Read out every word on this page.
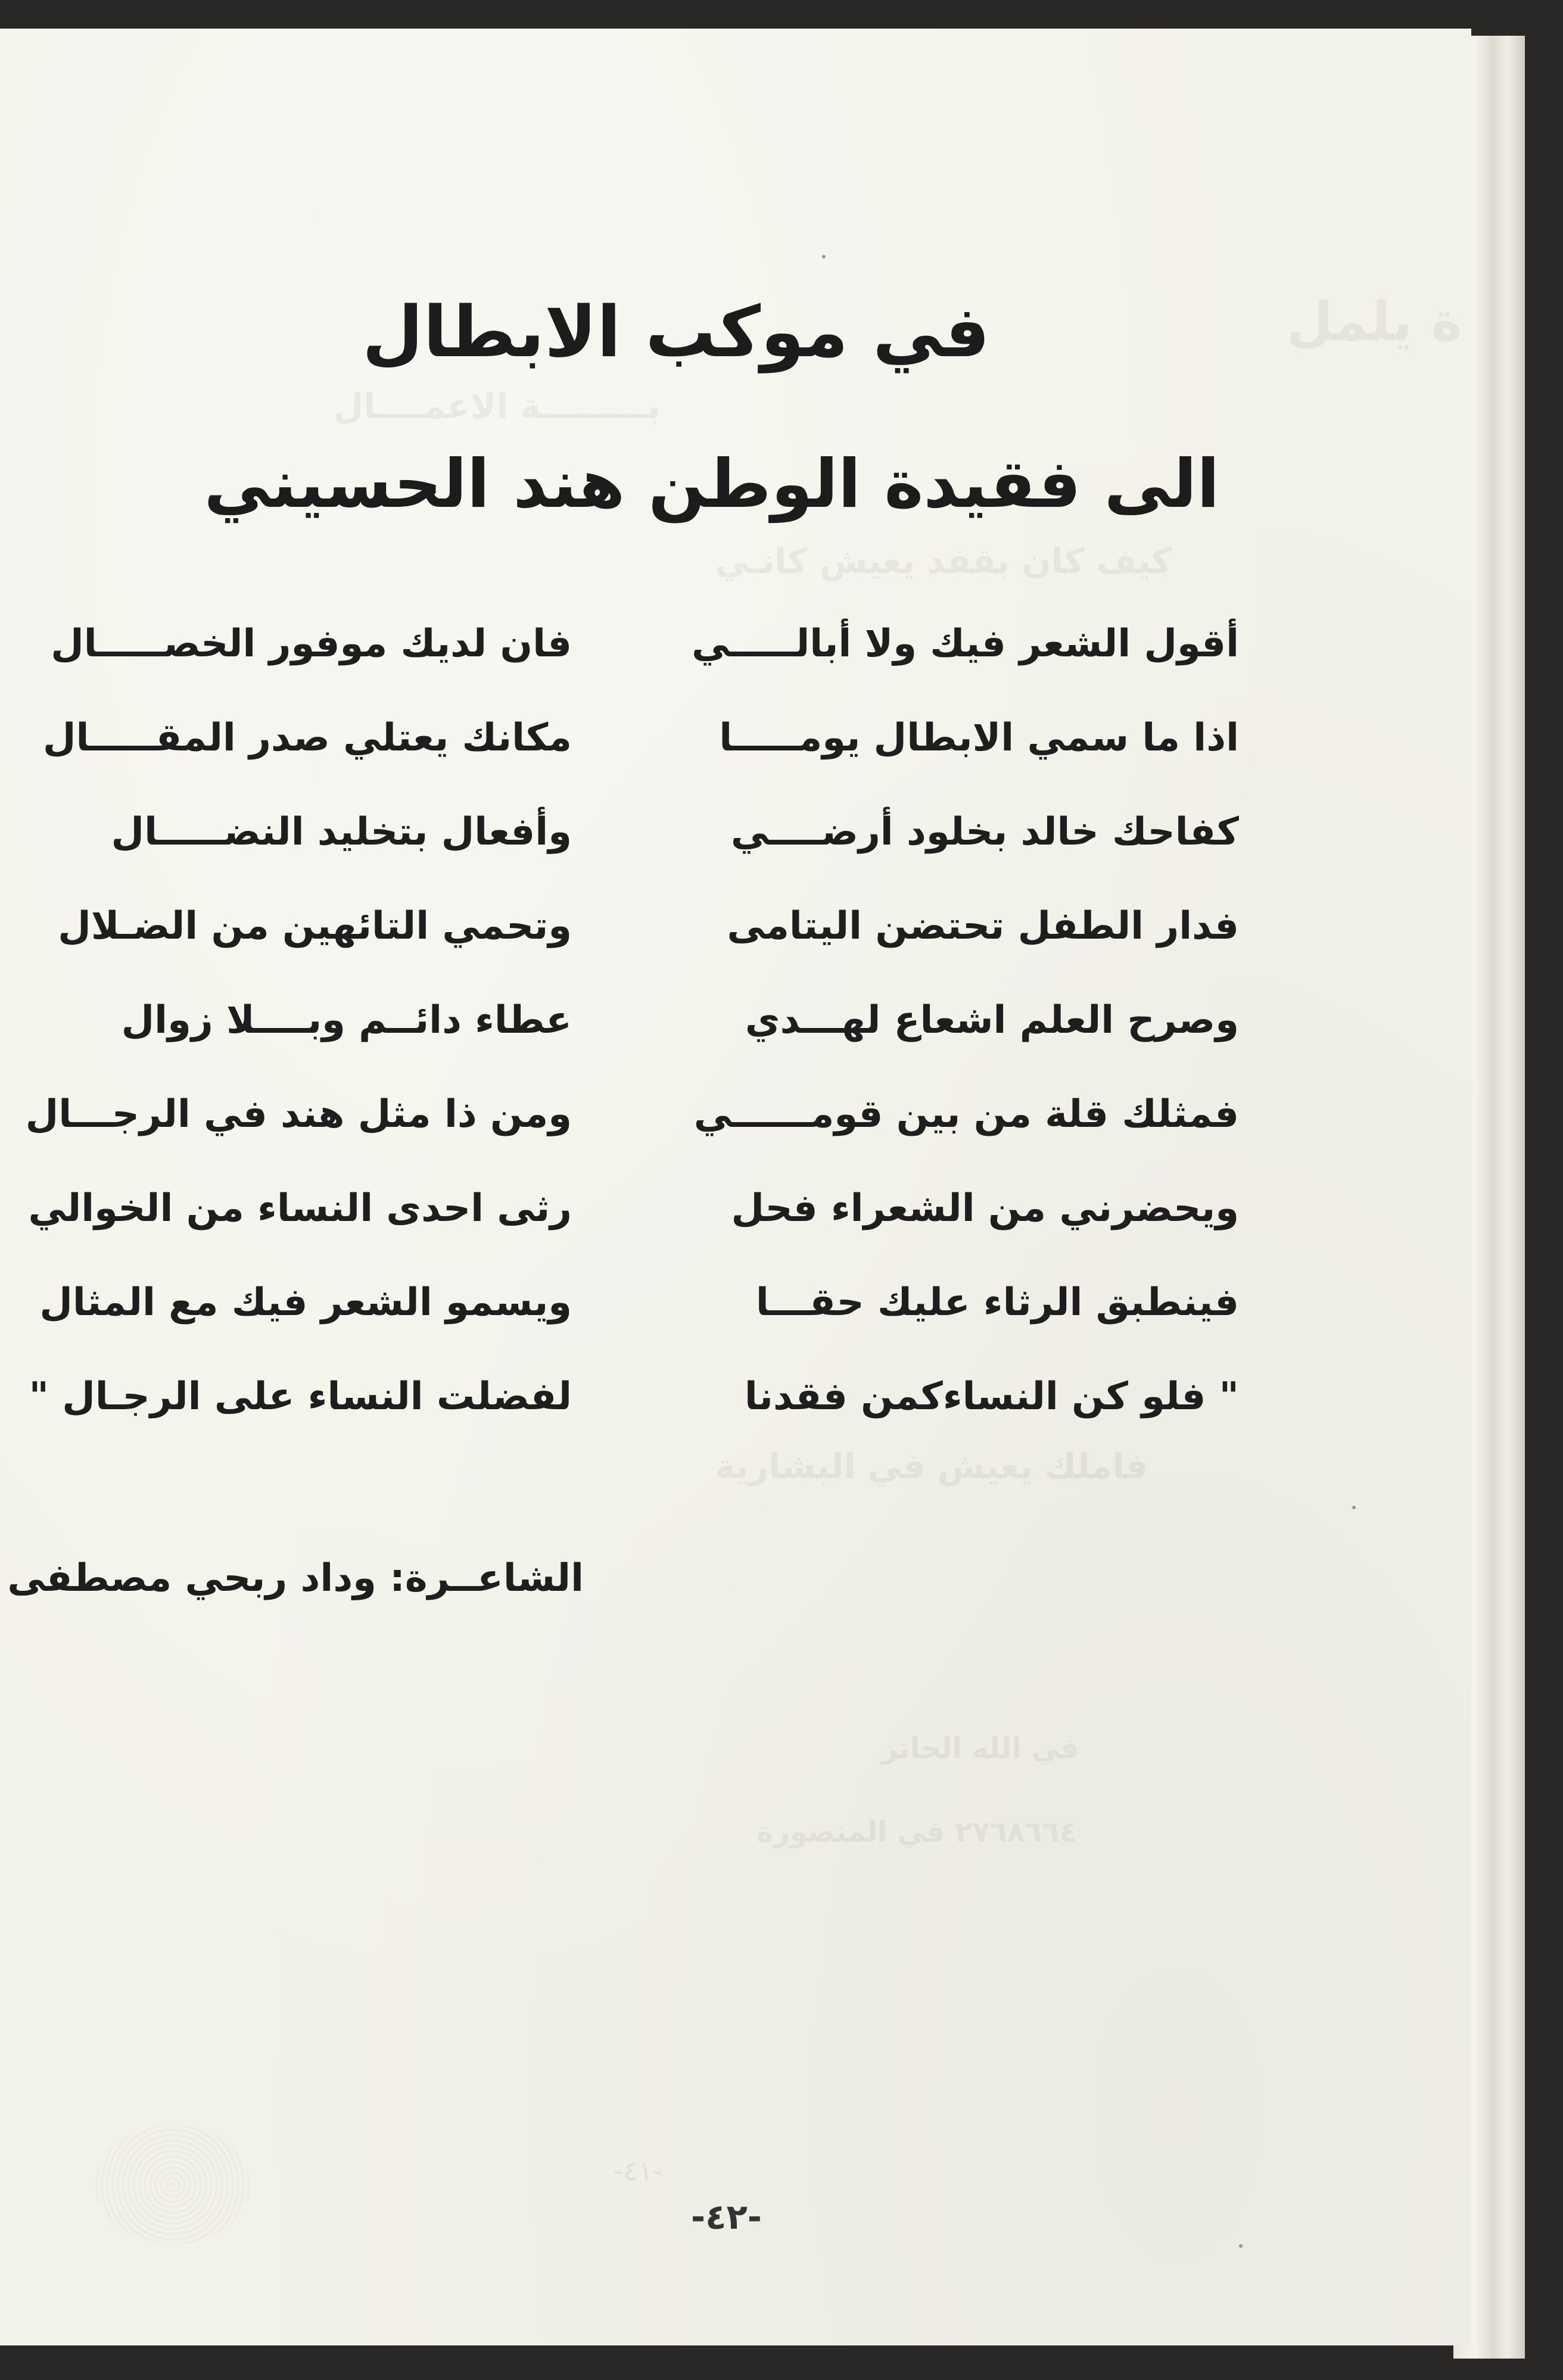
ة يلمل
بـــــــــة الاعمــــال
كيف كان بقفد يعيش كانـي
فاملك يعيش في البشارية
في الله الحاتر
٢٧٦٨٦٦٤ في المنصورة
-٤١-
في موكب الابطال
الى فقيدة الوطن هند الحسيني
أقول الشعر فيك ولا أبالـــــي
اذا ما سمي الابطال يومـــــا
كفاحك خالد بخلود أرضــــي
فدار الطفل تحتضن اليتامى
وصرح العلم اشعاع لهـــدي
فمثلك قلة من بين قومــــــي
ويحضرني من الشعراء فحل
فينطبق الرثاء عليك حقـــا
" فلو كن النساءكمن فقدنا
فان لديك موفور الخصـــــال
مكانك يعتلي صدر المقـــــال
وأفعال بتخليد النضـــــال
وتحمي التائهين من الضـلال
عطاء دائــم وبــــلا زوال
ومن ذا مثل هند في الرجـــال
رثى احدى النساء من الخوالي
ويسمو الشعر فيك مع المثال
لفضلت النساء على الرجـال "
الشاعــرة: وداد ربحي مصطفى
-٤٢-
